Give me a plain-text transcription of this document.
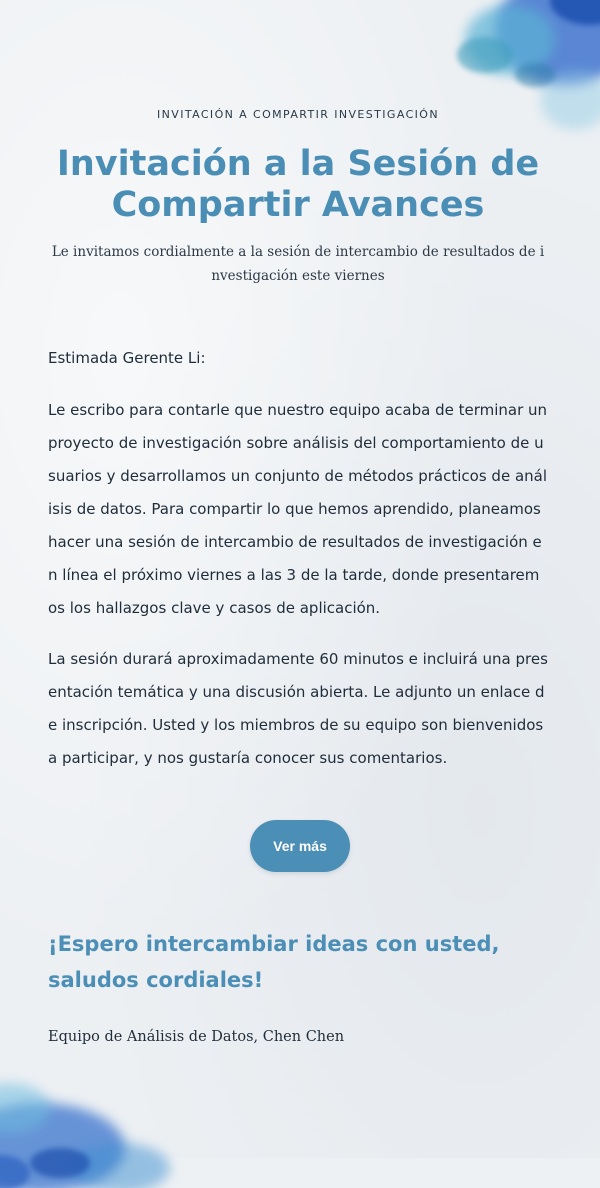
INVITACIÓN A COMPARTIR INVESTIGACIÓN
Invitación a la Sesión de Compartir Avances

Le invitamos cordialmente a la sesión de intercambio de resultados de investigación este viernes

Estimada Gerente Li:

Le escribo para contarle que nuestro equipo acaba de terminar un proyecto de investigación sobre análisis del comportamiento de usuarios y desarrollamos un conjunto de métodos prácticos de análisis de datos. Para compartir lo que hemos aprendido, planeamos hacer una sesión de intercambio de resultados de investigación en línea el próximo viernes a las 3 de la tarde, donde presentaremos los hallazgos clave y casos de aplicación.

La sesión durará aproximadamente 60 minutos e incluirá una presentación temática y una discusión abierta. Le adjunto un enlace de inscripción. Usted y los miembros de su equipo son bienvenidos a participar, y nos gustaría conocer sus comentarios.

Ver más

¡Espero intercambiar ideas con usted, saludos cordiales!

Equipo de Análisis de Datos, Chen Chen
